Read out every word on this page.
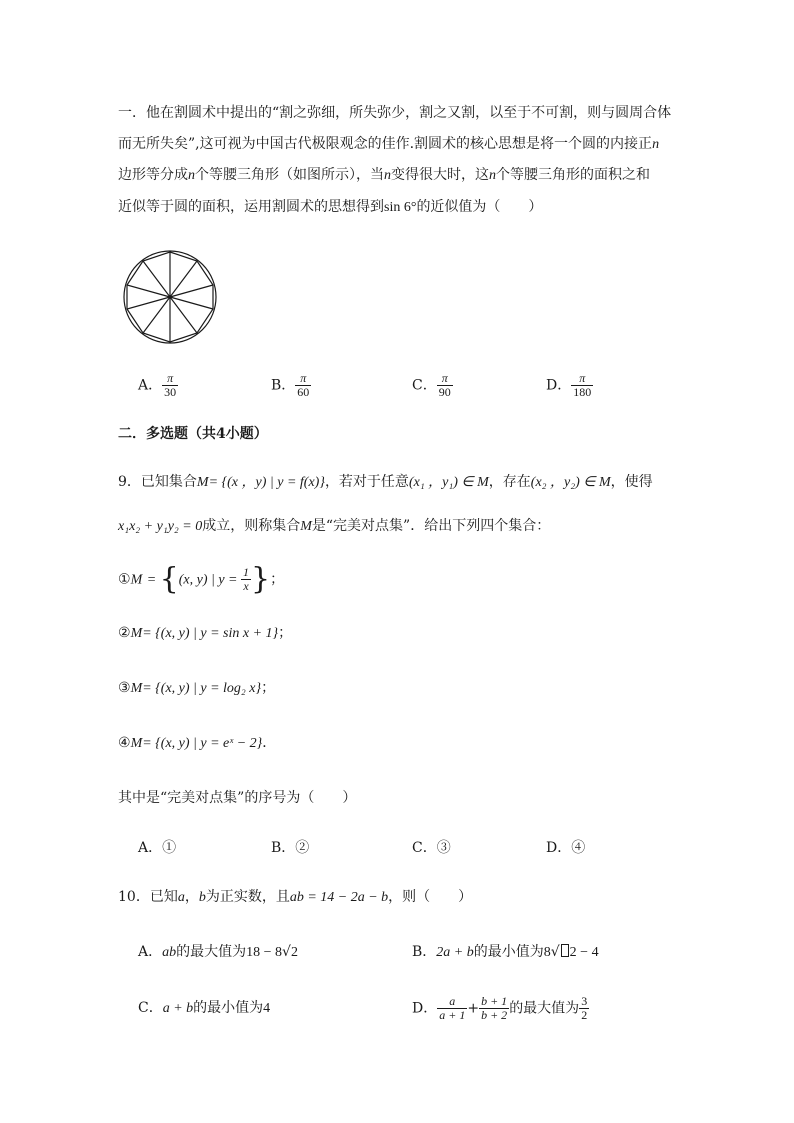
一．他在割圆术中提出的“割之弥细，所失弥少，割之又割，以至于不可割，则与圆周合体
而无所失矣”,这可视为中国古代极限观念的佳作.割圆术的核心思想是将一个圆的内接正n
边形等分成n个等腰三角形（如图所示），当n变得很大时，这n个等腰三角形的面积之和
近似等于圆的面积，运用割圆术的思想得到sin 6°的近似值为（　　）
A． $\frac{\pi}{30}$	B． $\frac{\pi}{60}$	C． $\frac{\pi}{90}$	D． $\frac{\pi}{180}$
二．多选题（共4小题）
9．已知集合M= {(x ，y) | y = f(x)}，若对于任意(x₁ ，y₁) ∈ M，存在(x₂ ，y₂) ∈ M，使得
x₁x₂ + y₁y₂ = 0成立，则称集合M是“完美对点集”．给出下列四个集合：
①M = {(x, y) | $y = \frac{1}{x}$ }；
②M= {(x, y) | y = sin x + 1}；
③M= {(x, y) | y = log₂ x}；
④M= {(x, y) | y = eˣ − 2}．
其中是“完美对点集”的序号为（　　）
A．①	B．②	C．③	D．④
10．已知a，b为正实数，且ab = 14 − 2a − b，则（　　）
A．ab的最大值为18 − 8√2	B．2a + b的最小值为8√ 2 − 4
C．a + b的最小值为4	D． $\frac{a}{a + 1} + \frac{b + 1}{b + 2}$ 的最大值为 $\frac{3}{2}$
